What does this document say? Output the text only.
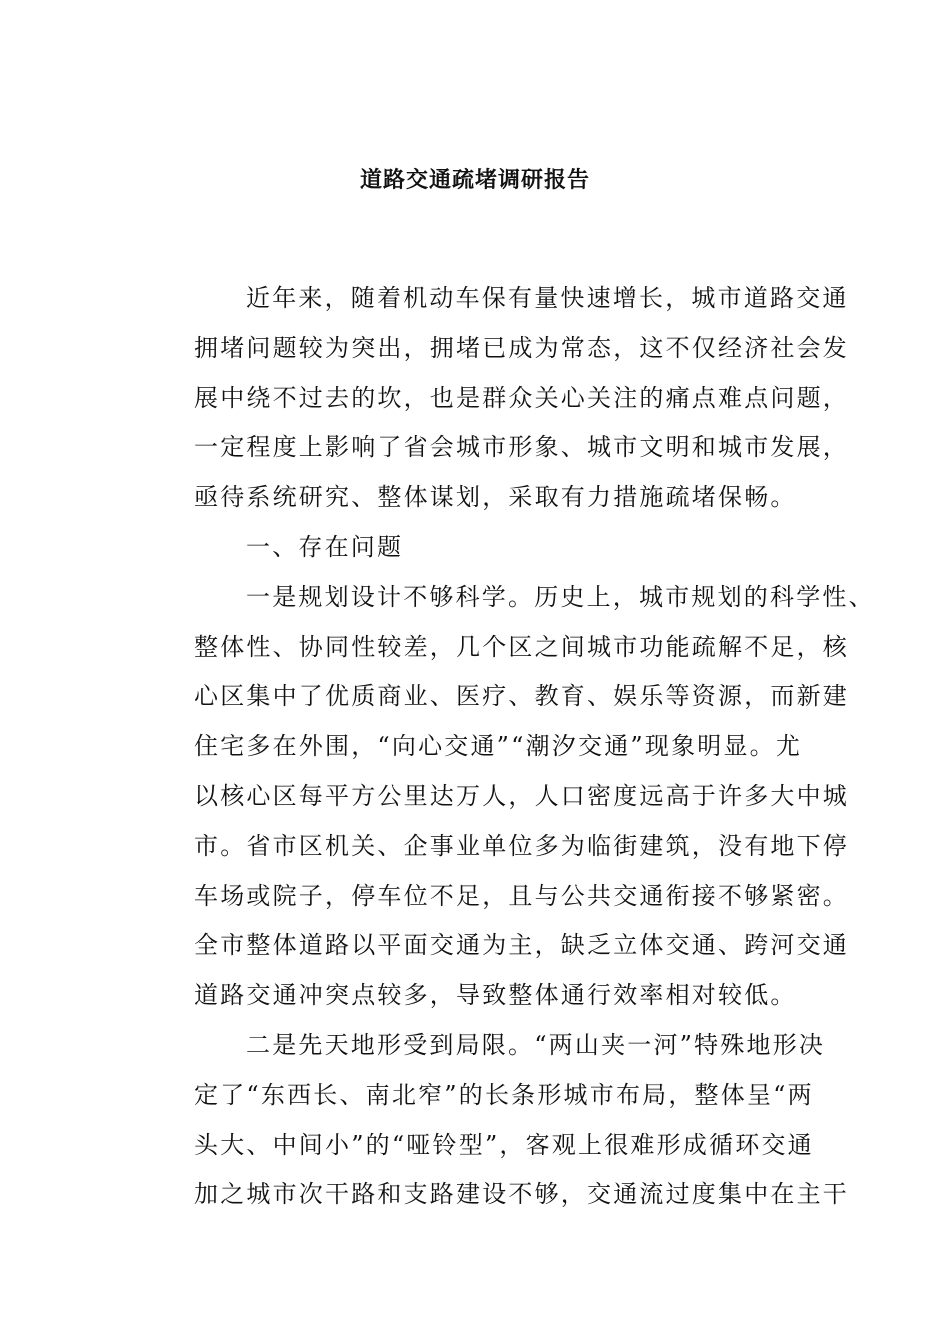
道路交通疏堵调研报告
近年来，随着机动车保有量快速增长，城市道路交通
拥堵问题较为突出，拥堵已成为常态，这不仅经济社会发
展中绕不过去的坎，也是群众关心关注的痛点难点问题，
一定程度上影响了省会城市形象、城市文明和城市发展，
亟待系统研究、整体谋划，采取有力措施疏堵保畅。
一、存在问题
一是规划设计不够科学。历史上，城市规划的科学性、
整体性、协同性较差，几个区之间城市功能疏解不足，核
心区集中了优质商业、医疗、教育、娱乐等资源，而新建
住宅多在外围，“向心交通”“潮汐交通”现象明显。尤
以核心区每平方公里达万人，人口密度远高于许多大中城
市。省市区机关、企事业单位多为临街建筑，没有地下停
车场或院子，停车位不足，且与公共交通衔接不够紧密。
全市整体道路以平面交通为主，缺乏立体交通、跨河交通
道路交通冲突点较多，导致整体通行效率相对较低。
二是先天地形受到局限。“两山夹一河”特殊地形决
定了“东西长、南北窄”的长条形城市布局，整体呈“两
头大、中间小”的“哑铃型”，客观上很难形成循环交通
加之城市次干路和支路建设不够，交通流过度集中在主干
